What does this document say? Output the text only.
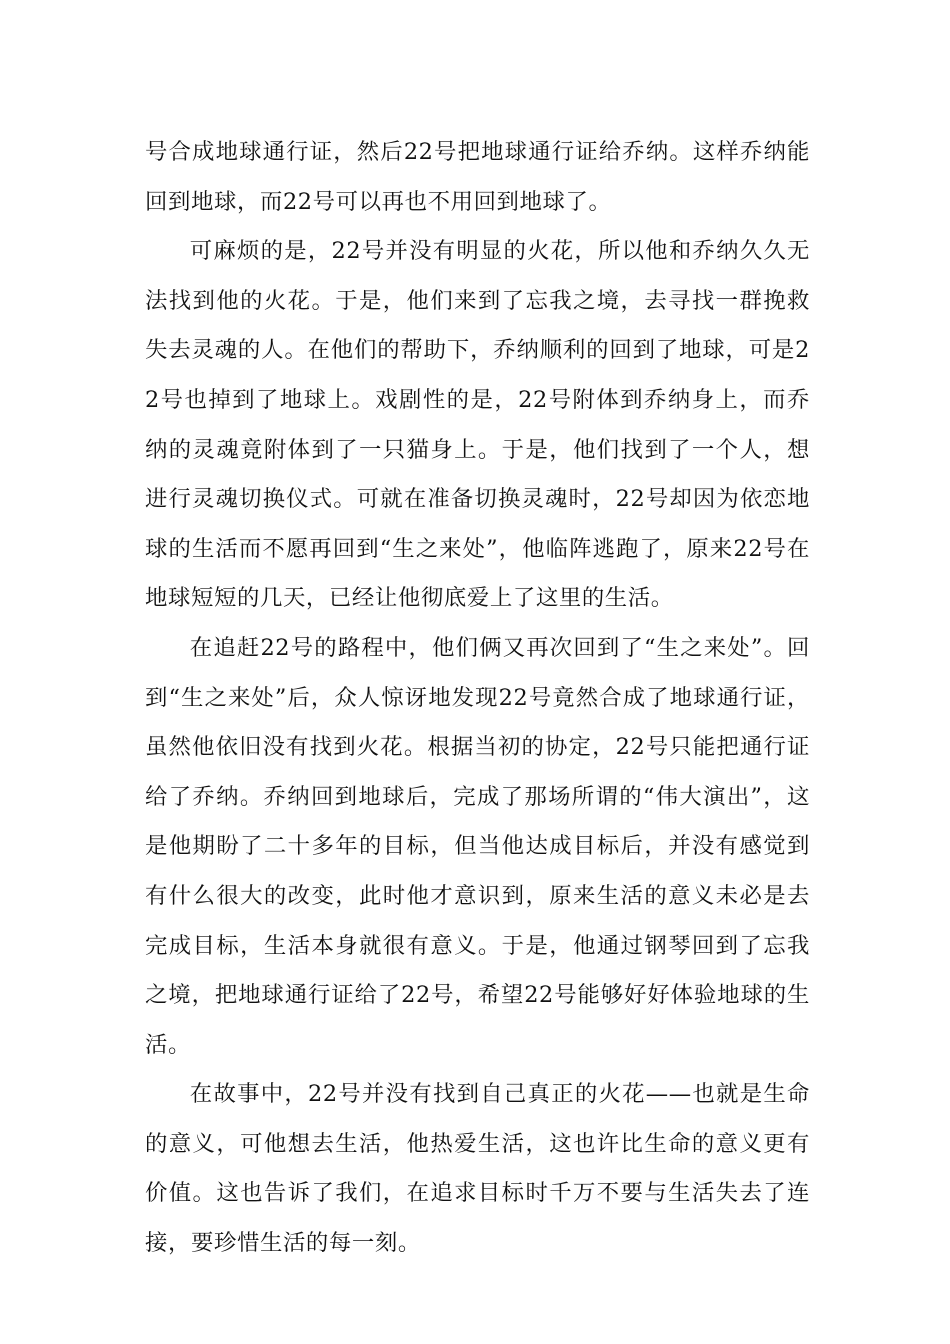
号合成地球通行证，然后22号把地球通行证给乔纳。这样乔纳能回到地球，而22号可以再也不用回到地球了。

可麻烦的是，22号并没有明显的火花，所以他和乔纳久久无法找到他的火花。于是，他们来到了忘我之境，去寻找一群挽救失去灵魂的人。在他们的帮助下，乔纳顺利的回到了地球，可是22号也掉到了地球上。戏剧性的是，22号附体到乔纳身上，而乔纳的灵魂竟附体到了一只猫身上。于是，他们找到了一个人，想进行灵魂切换仪式。可就在准备切换灵魂时，22号却因为依恋地球的生活而不愿再回到“生之来处”，他临阵逃跑了，原来22号在地球短短的几天，已经让他彻底爱上了这里的生活。

在追赶22号的路程中，他们俩又再次回到了“生之来处”。回到“生之来处”后，众人惊讶地发现22号竟然合成了地球通行证，虽然他依旧没有找到火花。根据当初的协定，22号只能把通行证给了乔纳。乔纳回到地球后，完成了那场所谓的“伟大演出”，这是他期盼了二十多年的目标，但当他达成目标后，并没有感觉到有什么很大的改变，此时他才意识到，原来生活的意义未必是去完成目标，生活本身就很有意义。于是，他通过钢琴回到了忘我之境，把地球通行证给了22号，希望22号能够好好体验地球的生活。

在故事中，22号并没有找到自己真正的火花——也就是生命的意义，可他想去生活，他热爱生活，这也许比生命的意义更有价值。这也告诉了我们，在追求目标时千万不要与生活失去了连接，要珍惜生活的每一刻。
